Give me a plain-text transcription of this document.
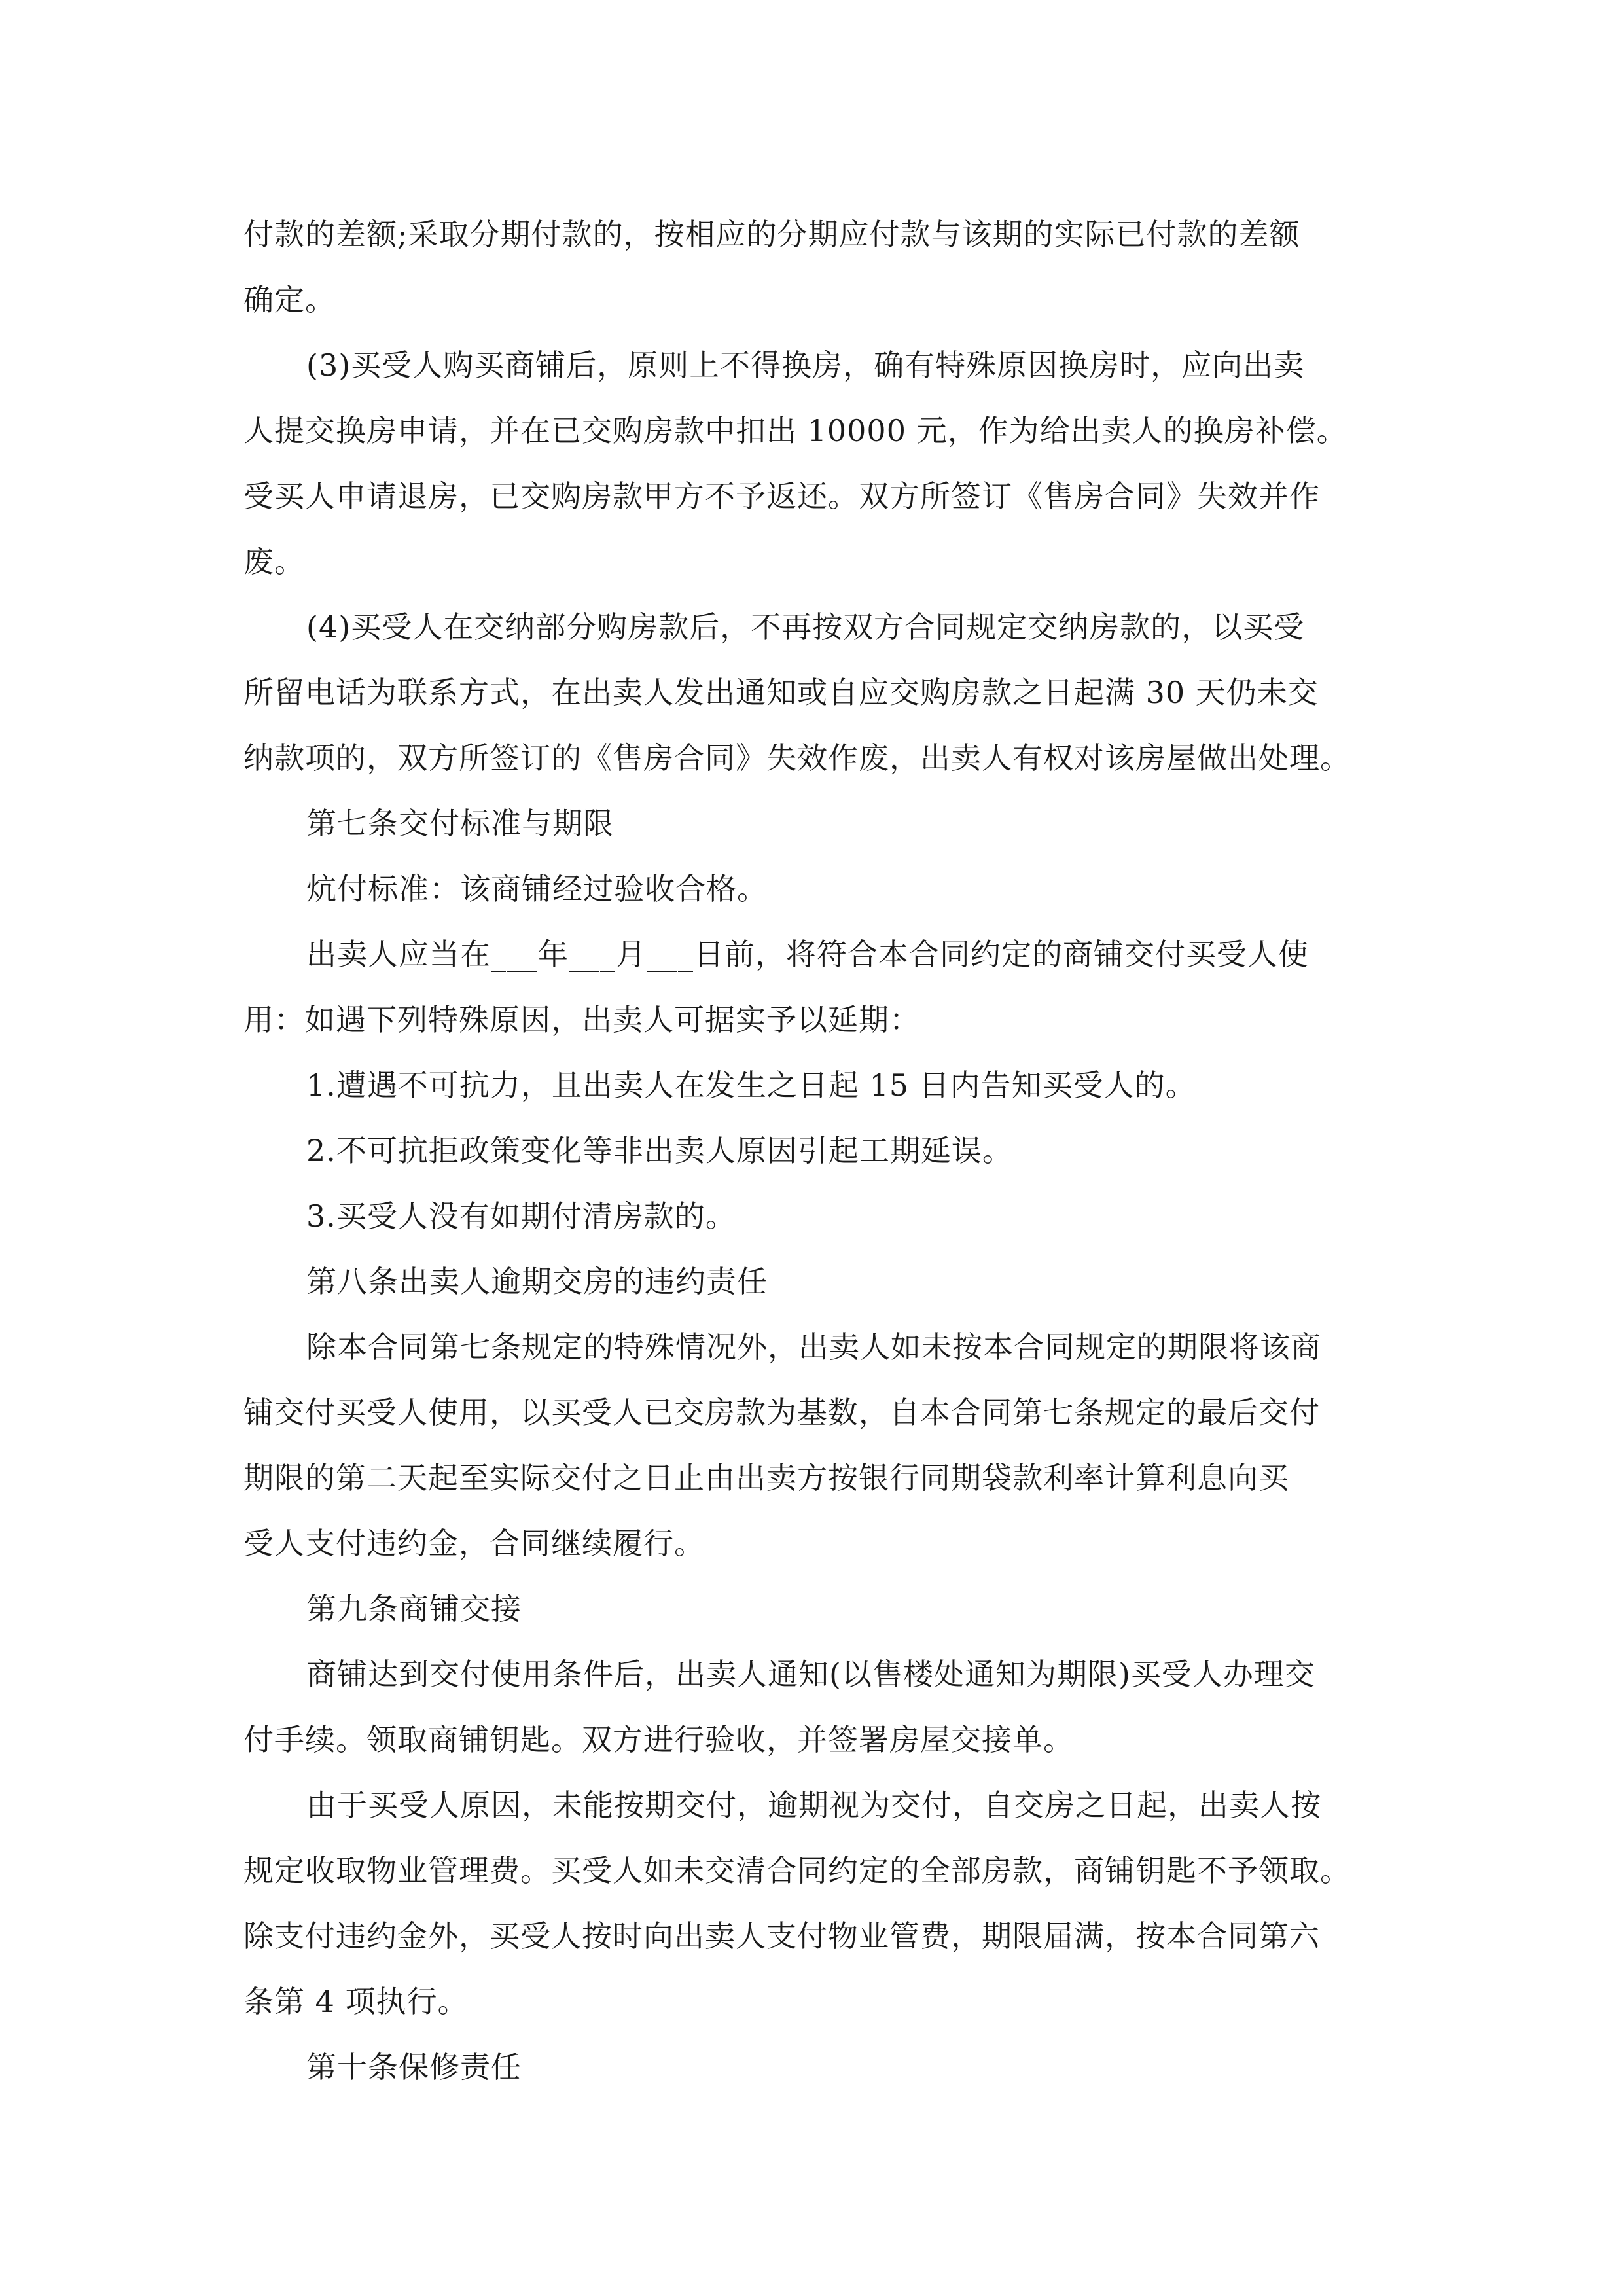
付款的差额;采取分期付款的，按相应的分期应付款与该期的实际已付款的差额
确定。
(3)买受人购买商铺后，原则上不得换房，确有特殊原因换房时，应向出卖
人提交换房申请，并在已交购房款中扣出 10000 元，作为给出卖人的换房补偿。
受买人申请退房，已交购房款甲方不予返还。双方所签订《售房合同》失效并作
废。
(4)买受人在交纳部分购房款后，不再按双方合同规定交纳房款的，以买受
所留电话为联系方式，在出卖人发出通知或自应交购房款之日起满 30 天仍未交
纳款项的，双方所签订的《售房合同》失效作废，出卖人有权对该房屋做出处理。
第七条交付标准与期限
炕付标准：该商铺经过验收合格。
出卖人应当在___年___月___日前，将符合本合同约定的商铺交付买受人使
用：如遇下列特殊原因，出卖人可据实予以延期：
1.遭遇不可抗力，且出卖人在发生之日起 15 日内告知买受人的。
2.不可抗拒政策变化等非出卖人原因引起工期延误。
3.买受人没有如期付清房款的。
第八条出卖人逾期交房的违约责任
除本合同第七条规定的特殊情况外，出卖人如未按本合同规定的期限将该商
铺交付买受人使用，以买受人已交房款为基数，自本合同第七条规定的最后交付
期限的第二天起至实际交付之日止由出卖方按银行同期袋款利率计算利息向买
受人支付违约金，合同继续履行。
第九条商铺交接
商铺达到交付使用条件后，出卖人通知(以售楼处通知为期限)买受人办理交
付手续。领取商铺钥匙。双方进行验收，并签署房屋交接单。
由于买受人原因，未能按期交付，逾期视为交付，自交房之日起，出卖人按
规定收取物业管理费。买受人如未交清合同约定的全部房款，商铺钥匙不予领取。
除支付违约金外，买受人按时向出卖人支付物业管费，期限届满，按本合同第六
条第 4 项执行。
第十条保修责任
